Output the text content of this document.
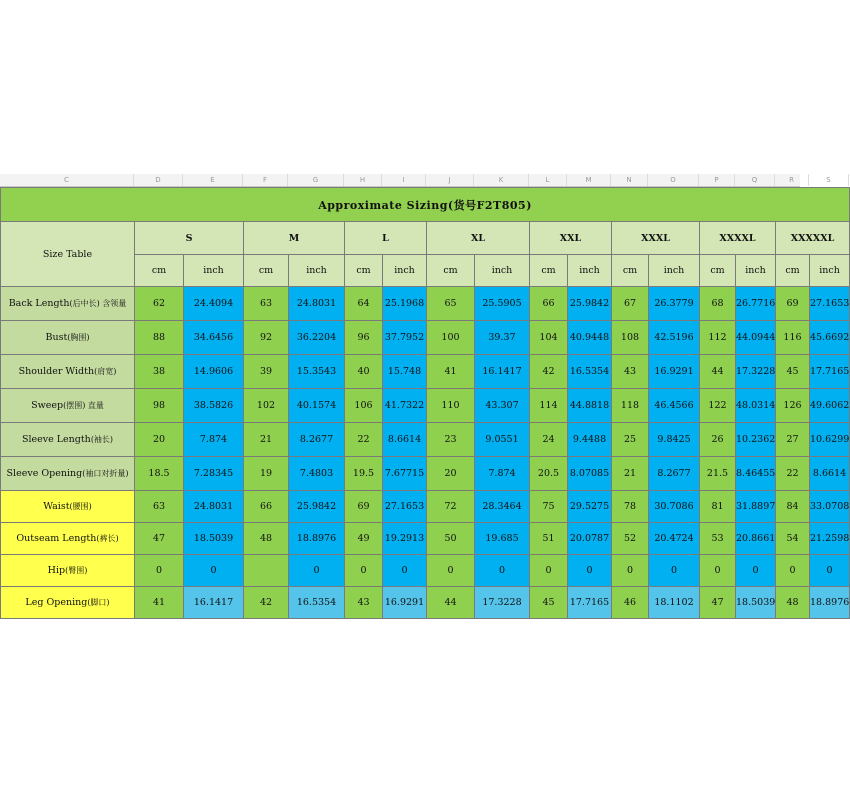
C	D	E	F	G	H	I	J	K	L	M	N	O	P	Q	R	S
Approximate Sizing(货号F2T805)																
Size Table	S		M		L		XL		XXL		XXXL		XXXXL		XXXXXL	
	cm	inch	cm	inch	cm	inch	cm	inch	cm	inch	cm	inch	cm	inch	cm	inch
Back Length(后中长) 含领量	62	24.4094	63	24.8031	64	25.1968	65	25.5905	66	25.9842	67	26.3779	68	26.7716	69	27.1653
Bust(胸围)	88	34.6456	92	36.2204	96	37.7952	100	39.37	104	40.9448	108	42.5196	112	44.0944	116	45.6692
Shoulder Width(肩宽)	38	14.9606	39	15.3543	40	15.748	41	16.1417	42	16.5354	43	16.9291	44	17.3228	45	17.7165
Sweep(摆围) 直量	98	38.5826	102	40.1574	106	41.7322	110	43.307	114	44.8818	118	46.4566	122	48.0314	126	49.6062
Sleeve Length(袖长)	20	7.874	21	8.2677	22	8.6614	23	9.0551	24	9.4488	25	9.8425	26	10.2362	27	10.6299
Sleeve Opening(袖口对折量)	18.5	7.28345	19	7.4803	19.5	7.67715	20	7.874	20.5	8.07085	21	8.2677	21.5	8.46455	22	8.6614
Waist(腰围)	63	24.8031	66	25.9842	69	27.1653	72	28.3464	75	29.5275	78	30.7086	81	31.8897	84	33.0708
Outseam Length(裤长)	47	18.5039	48	18.8976	49	19.2913	50	19.685	51	20.0787	52	20.4724	53	20.8661	54	21.2598
Hip(臀围)	0	0		0	0	0	0	0	0	0	0	0	0	0	0	0
Leg Opening(脚口)	41	16.1417	42	16.5354	43	16.9291	44	17.3228	45	17.7165	46	18.1102	47	18.5039	48	18.8976
